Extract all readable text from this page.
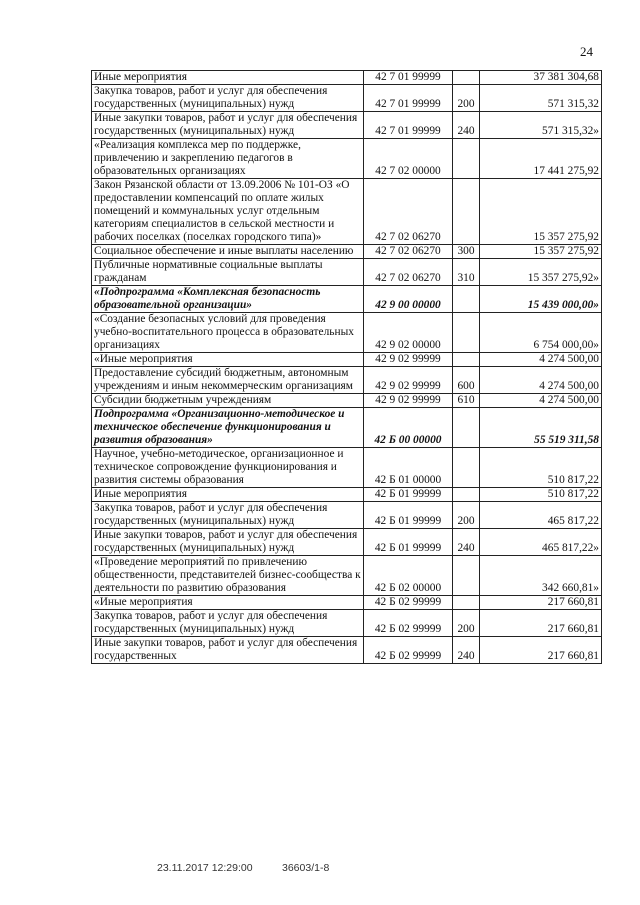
24
Иные мероприятия	42 7 01 99999		37 381 304,68
Закупка товаров, работ и услуг для обеспечения государственных (муниципальных) нужд	42 7 01 99999	200	571 315,32
Иные закупки товаров, работ и услуг для обеспечения государственных (муниципальных) нужд	42 7 01 99999	240	571 315,32»
«Реализация комплекса мер по поддержке, привлечению и закреплению педагогов в образовательных организациях	42 7 02 00000		17 441 275,92
Закон Рязанской области от 13.09.2006 № 101-ОЗ «О предоставлении компенсаций по оплате жилых помещений и коммунальных услуг отдельным категориям специалистов в сельской местности и рабочих поселках (поселках городского типа)»	42 7 02 06270		15 357 275,92
Социальное обеспечение и иные выплаты населению	42 7 02 06270	300	15 357 275,92
Публичные нормативные социальные выплаты гражданам	42 7 02 06270	310	15 357 275,92»
«Подпрограмма «Комплексная безопасность образовательной организации»	42 9 00 00000		15 439 000,00»
«Создание безопасных условий для проведения учебно-воспитательного процесса в образовательных организациях	42 9 02 00000		6 754 000,00»
«Иные мероприятия	42 9 02 99999		4 274 500,00
Предоставление субсидий бюджетным, автономным учреждениям и иным некоммерческим организациям	42 9 02 99999	600	4 274 500,00
Субсидии бюджетным учреждениям	42 9 02 99999	610	4 274 500,00
Подпрограмма «Организационно-методическое и техническое обеспечение функционирования и развития образования»	42 Б 00 00000		55 519 311,58
Научное, учебно-методическое, организационное и техническое сопровождение функционирования и развития системы образования	42 Б 01 00000		510 817,22
Иные мероприятия	42 Б 01 99999		510 817,22
Закупка товаров, работ и услуг для обеспечения государственных (муниципальных) нужд	42 Б 01 99999	200	465 817,22
Иные закупки товаров, работ и услуг для обеспечения государственных (муниципальных) нужд	42 Б 01 99999	240	465 817,22»
«Проведение мероприятий по привлечению общественности, представителей бизнес-сообщества к деятельности по развитию образования	42 Б 02 00000		342 660,81»
«Иные мероприятия	42 Б 02 99999		217 660,81
Закупка товаров, работ и услуг для обеспечения государственных (муниципальных) нужд	42 Б 02 99999	200	217 660,81
Иные закупки товаров, работ и услуг для обеспечения государственных	42 Б 02 99999	240	217 660,81
23.11.2017 12:29:00	36603/1-8
